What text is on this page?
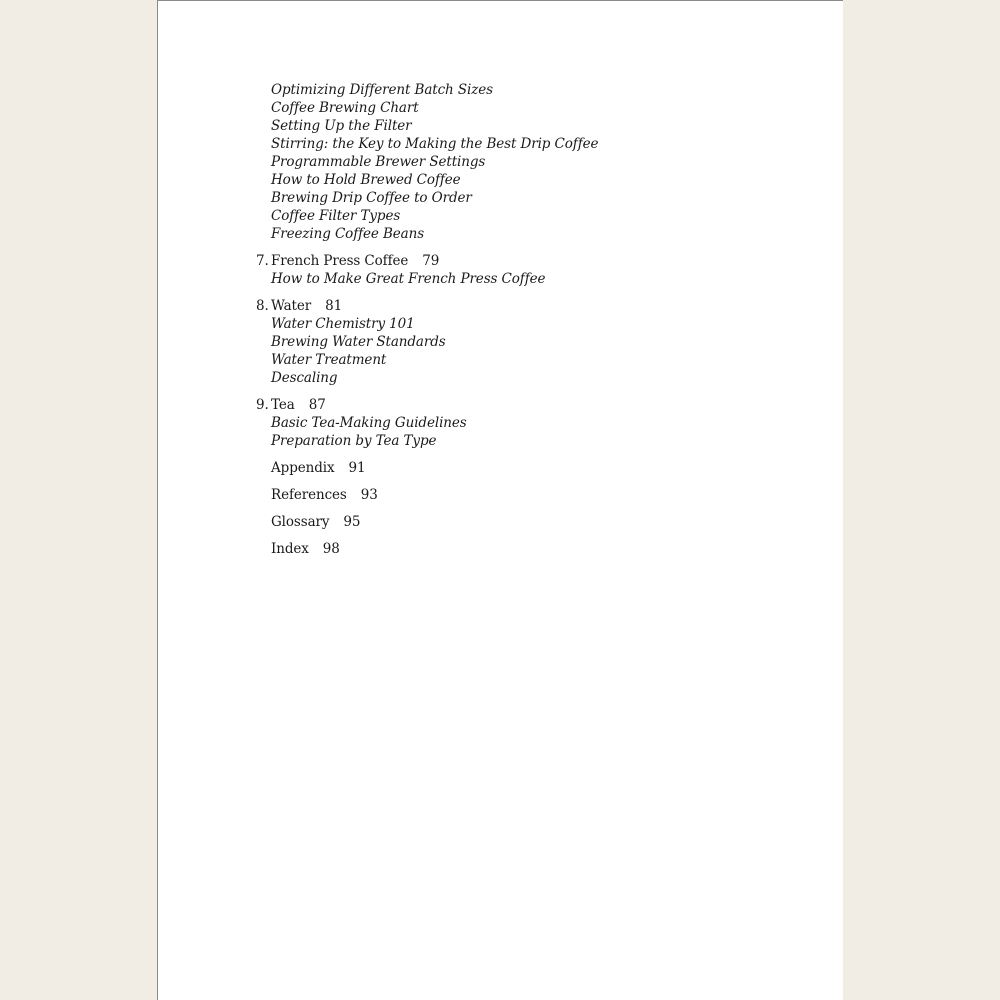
Optimizing Different Batch Sizes
Coffee Brewing Chart
Setting Up the Filter
Stirring: the Key to Making the Best Drip Coffee
Programmable Brewer Settings
How to Hold Brewed Coffee
Brewing Drip Coffee to Order
Coffee Filter Types
Freezing Coffee Beans
7. French Press Coffee 79
How to Make Great French Press Coffee
8. Water 81
Water Chemistry 101
Brewing Water Standards
Water Treatment
Descaling
9. Tea 87
Basic Tea-Making Guidelines
Preparation by Tea Type
Appendix 91
References 93
Glossary 95
Index 98
